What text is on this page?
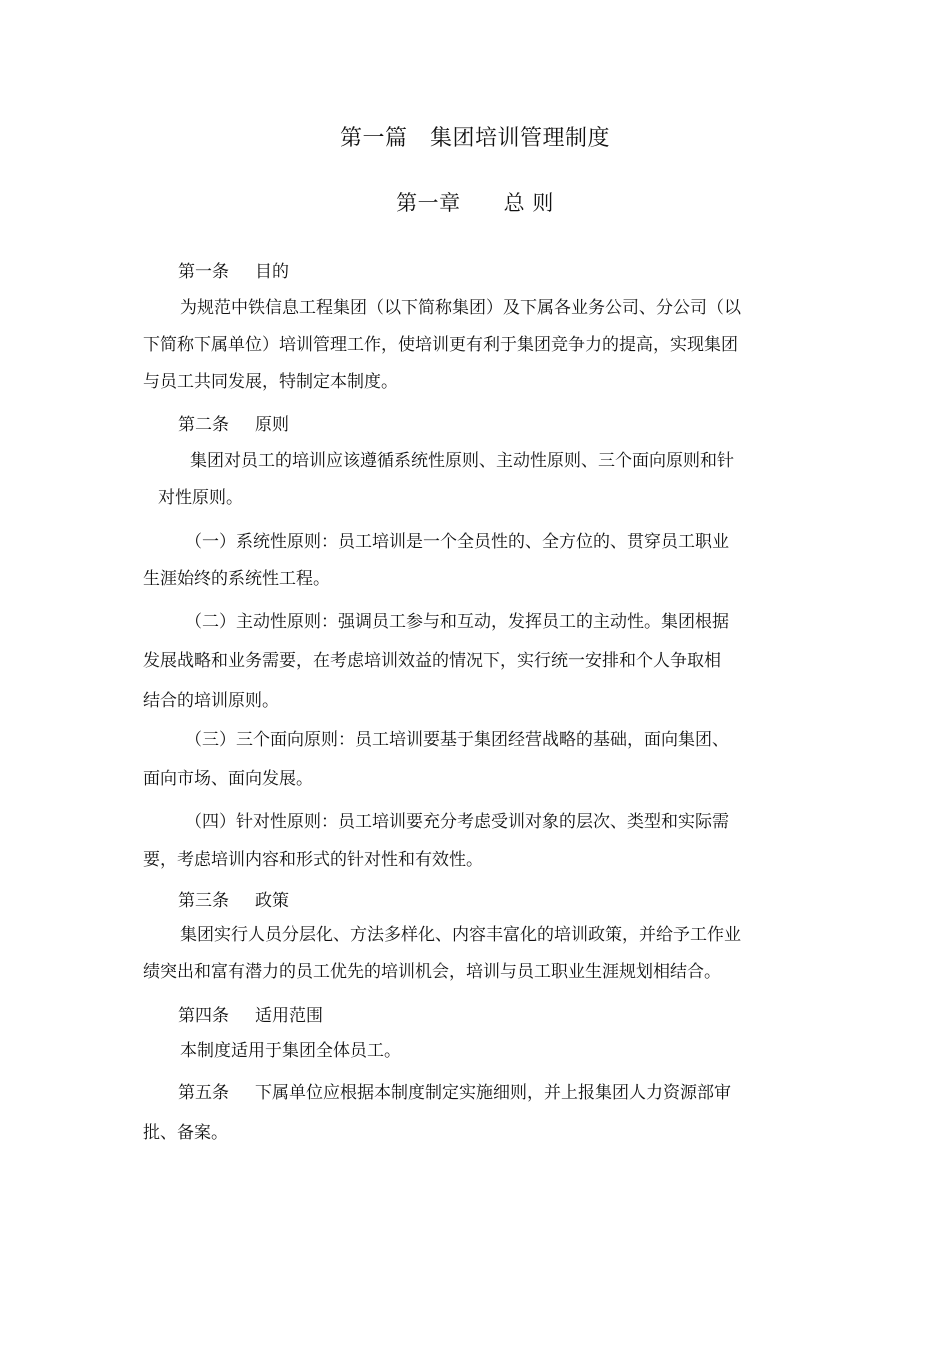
第一篇　集团培训管理制度
第一章　　总 则
第一条 目的
为规范中铁信息工程集团（以下简称集团）及下属各业务公司、分公司（以
下简称下属单位）培训管理工作，使培训更有利于集团竞争力的提高，实现集团
与员工共同发展，特制定本制度。
第二条 原则
集团对员工的培训应该遵循系统性原则、主动性原则、三个面向原则和针
对性原则。
（一）系统性原则：员工培训是一个全员性的、全方位的、贯穿员工职业
生涯始终的系统性工程。
（二）主动性原则：强调员工参与和互动，发挥员工的主动性。集团根据
发展战略和业务需要，在考虑培训效益的情况下，实行统一安排和个人争取相
结合的培训原则。
（三）三个面向原则：员工培训要基于集团经营战略的基础，面向集团、
面向市场、面向发展。
（四）针对性原则：员工培训要充分考虑受训对象的层次、类型和实际需
要，考虑培训内容和形式的针对性和有效性。
第三条 政策
集团实行人员分层化、方法多样化、内容丰富化的培训政策，并给予工作业
绩突出和富有潜力的员工优先的培训机会，培训与员工职业生涯规划相结合。
第四条 适用范围
本制度适用于集团全体员工。
第五条 下属单位应根据本制度制定实施细则，并上报集团人力资源部审
批、备案。
